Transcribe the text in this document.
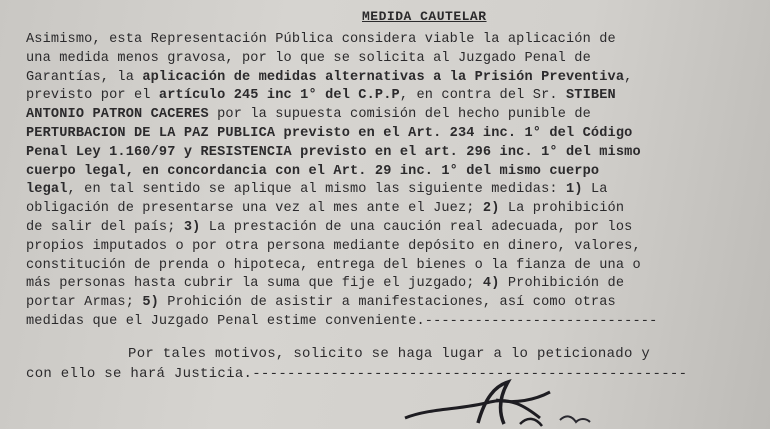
MEDIDA CAUTELAR
Asimismo, esta Representación Pública considera viable la aplicación de
una medida menos gravosa, por lo que se solicita al Juzgado Penal de
Garantías, la aplicación de medidas alternativas a la Prisión Preventiva,
previsto por el artículo 245 inc 1° del C.P.P, en contra del Sr. STIBEN
ANTONIO PATRON CACERES por la supuesta comisión del hecho punible de
PERTURBACION DE LA PAZ PUBLICA previsto en el Art. 234 inc. 1° del Código
Penal Ley 1.160/97 y RESISTENCIA previsto en el art. 296 inc. 1° del mismo
cuerpo legal, en concordancia con el Art. 29 inc. 1° del mismo cuerpo
legal, en tal sentido se aplique al mismo las siguiente medidas: 1) La
obligación de presentarse una vez al mes ante el Juez; 2) La prohibición
de salir del país; 3) La prestación de una caución real adecuada, por los
propios imputados o por otra persona mediante depósito en dinero, valores,
constitución de prenda o hipoteca, entrega del bienes o la fianza de una o
más personas hasta cubrir la suma que fije el juzgado; 4) Prohibición de
portar Armas; 5) Prohición de asistir a manifestaciones, así como otras
medidas que el Juzgado Penal estime conveniente.----------------------------
Por tales motivos, solicito se haga lugar a lo peticionado y
con ello se hará Justicia.--------------------------------------------------
